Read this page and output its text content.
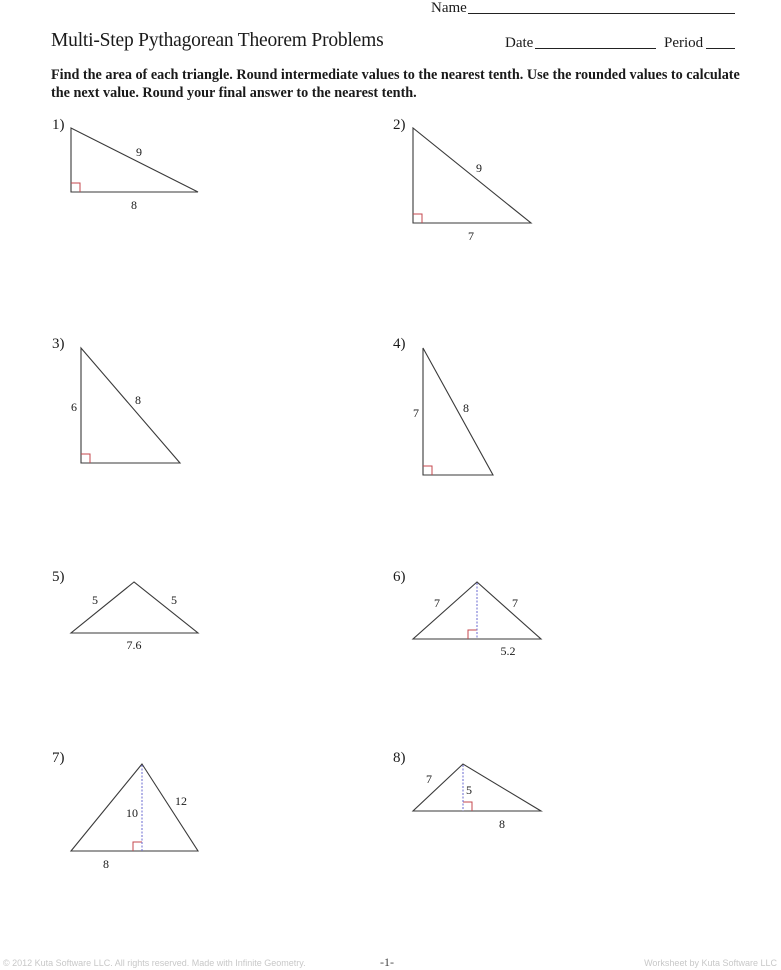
Name
Multi-Step Pythagorean Theorem Problems	Date	Period
Find the area of each triangle. Round intermediate values to the nearest tenth. Use the rounded values to calculate the next value. Round your final answer to the nearest tenth.
1)	2)
3)	4)
5)	6)
7)	8)
9
8
9
7
6	8
7	8
5	5
7.6
7	7
5.2
10
12
8
7
5
8
© 2012 Kuta Software LLC. All rights reserved. Made with Infinite Geometry.	-1-	Worksheet by Kuta Software LLC
